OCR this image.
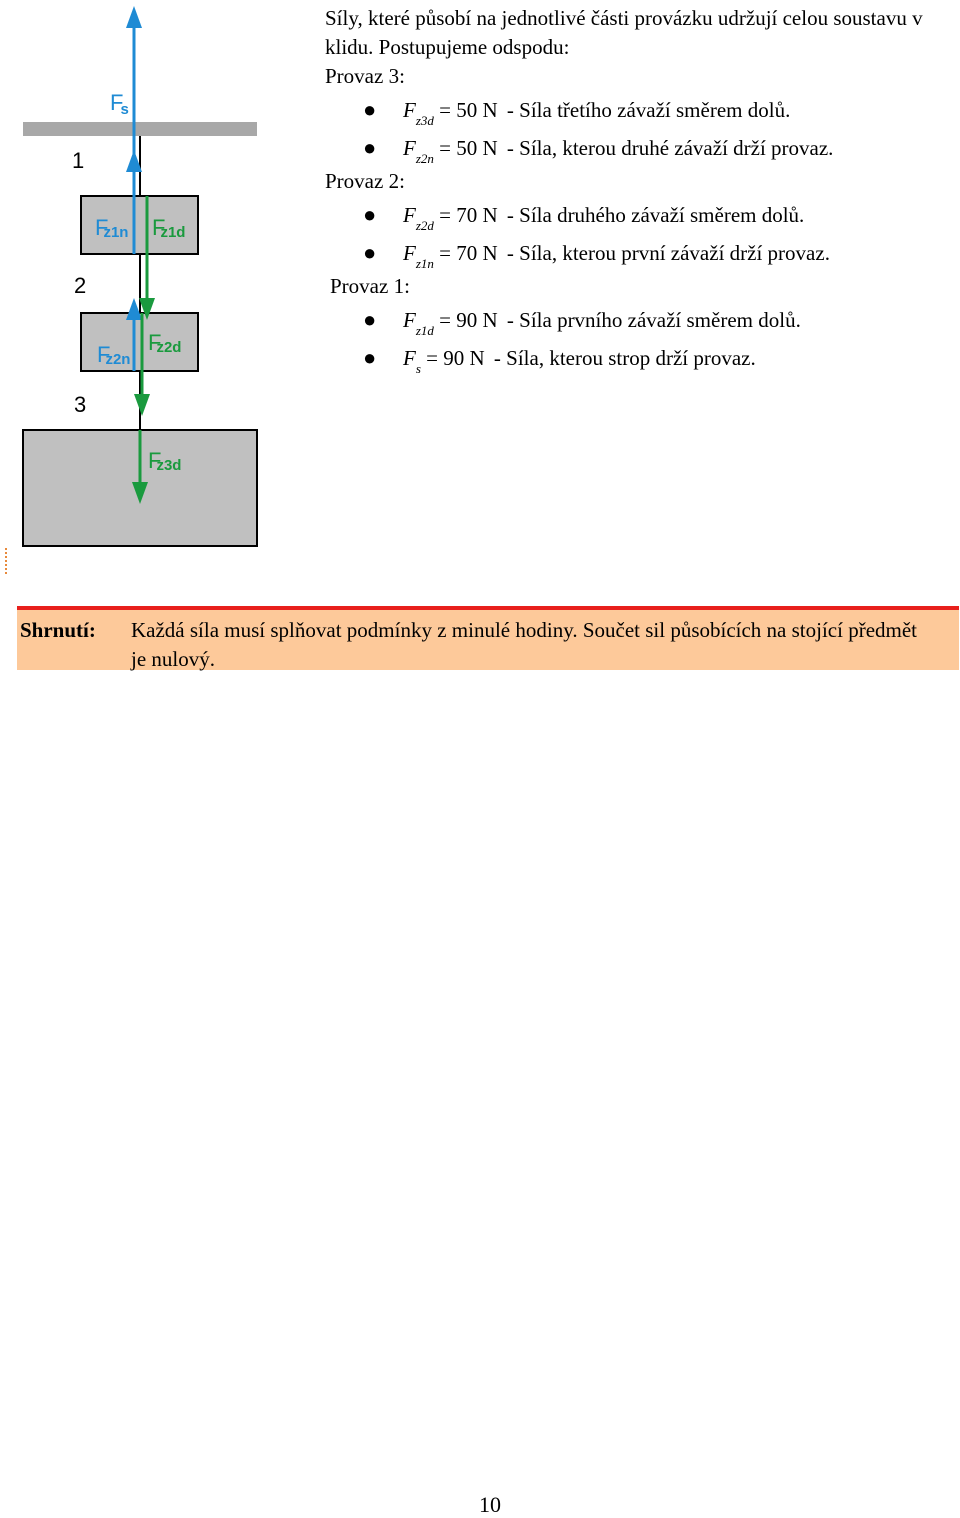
1
2
3
Fs
Fz1n Fz1d
Fz2n
Fz2d
Fz3d

Síly, které působí na jednotlivé části provázku udržují celou soustavu v klidu. Postupujeme odspodu:

Provaz 3:

● $F_{z3d} = 50$ N - Síla třetího závaží směrem dolů.
● $F_{z2n} = 50$ N - Síla, kterou druhé závaží drží provaz.

Provaz 2:

● $F_{z2d} = 70$ N - Síla druhého závaží směrem dolů.
● $F_{z1n} = 70$ N - Síla, kterou první závaží drží provaz.

Provaz 1:

● $F_{z1d} = 90$ N - Síla prvního závaží směrem dolů.
● $F_s = 90$ N - Síla, kterou strop drží provaz.
Shrnutí: Každá síla musí splňovat podmínky z minulé hodiny. Součet sil působících na stojící předmět je nulový.
10
